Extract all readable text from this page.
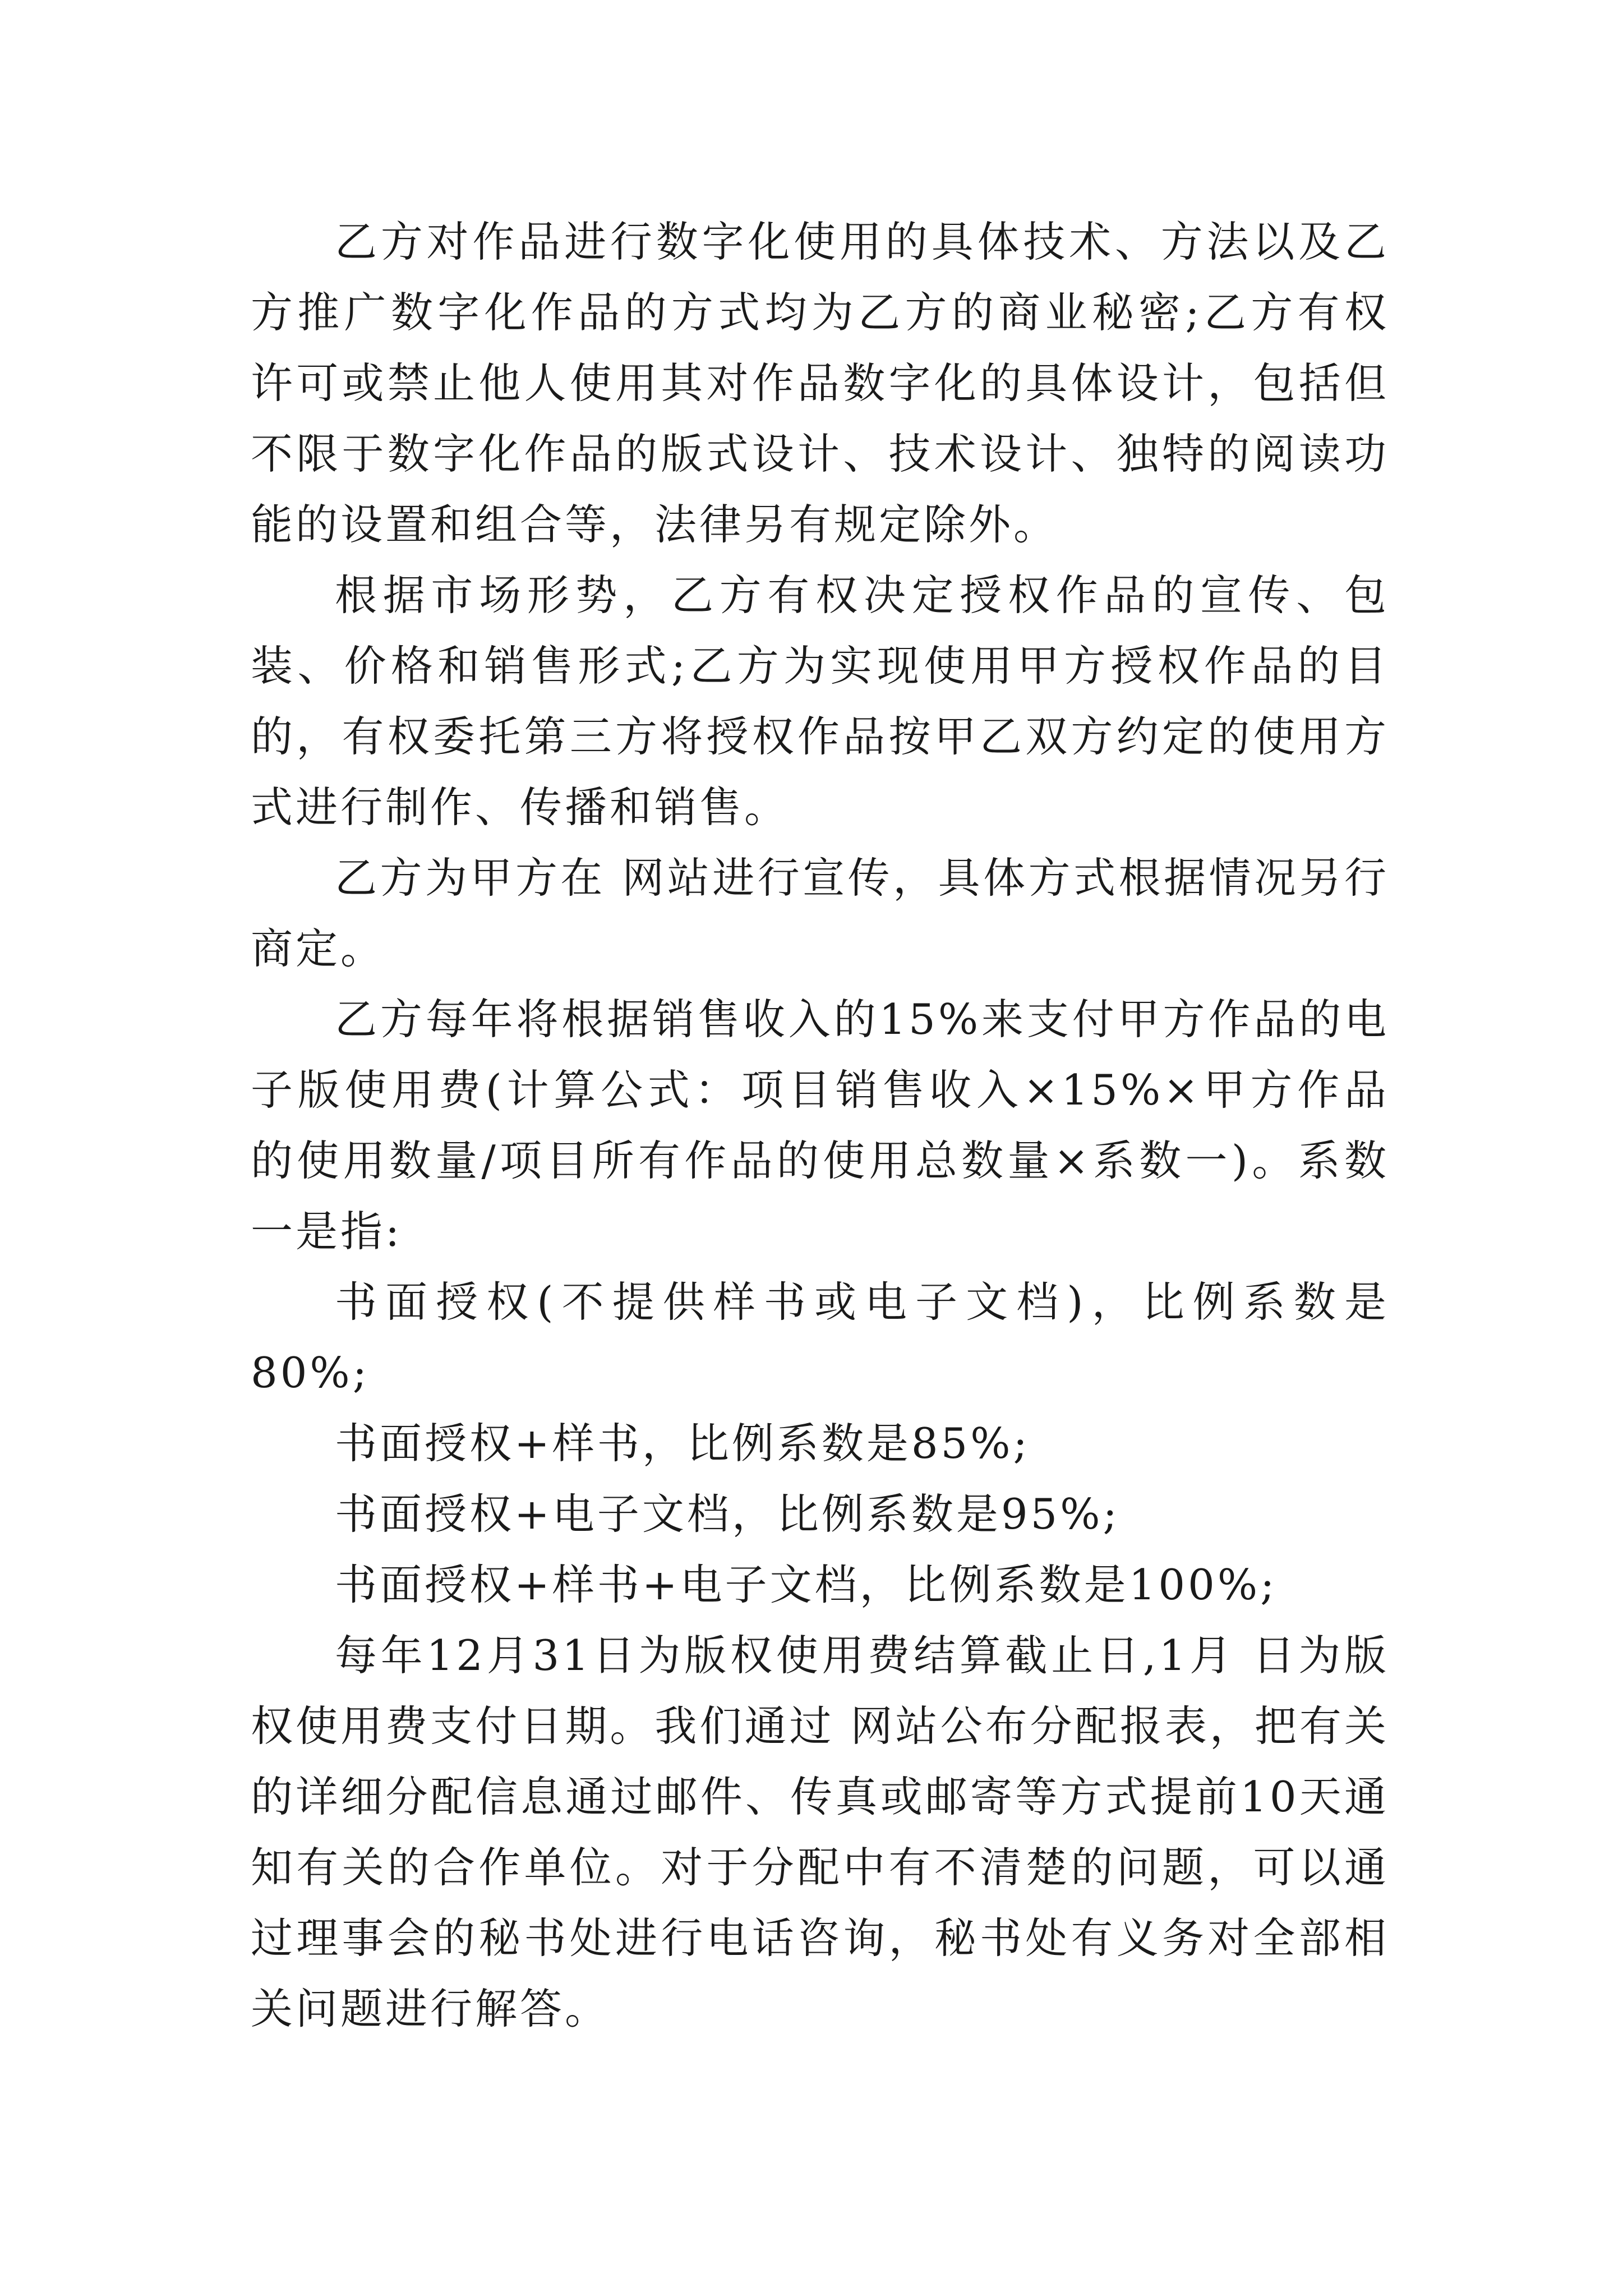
乙方对作品进行数字化使用的具体技术、方法以及乙方推广数字化作品的方式均为乙方的商业秘密;乙方有权许可或禁止他人使用其对作品数字化的具体设计，包括但不限于数字化作品的版式设计、技术设计、独特的阅读功能的设置和组合等，法律另有规定除外。

根据市场形势，乙方有权决定授权作品的宣传、包装、价格和销售形式;乙方为实现使用甲方授权作品的目的，有权委托第三方将授权作品按甲乙双方约定的使用方式进行制作、传播和销售。

乙方为甲方在 网站进行宣传，具体方式根据情况另行商定。

乙方每年将根据销售收入的15%来支付甲方作品的电子版使用费(计算公式：项目销售收入×15%×甲方作品的使用数量/项目所有作品的使用总数量×系数一)。系数一是指:

书面授权(不提供样书或电子文档)，比例系数是80%;

书面授权+样书，比例系数是85%;

书面授权+电子文档，比例系数是95%;

书面授权+样书+电子文档，比例系数是100%;

每年12月31日为版权使用费结算截止日,1月 日为版权使用费支付日期。我们通过 网站公布分配报表，把有关的详细分配信息通过邮件、传真或邮寄等方式提前10天通知有关的合作单位。对于分配中有不清楚的问题，可以通过理事会的秘书处进行电话咨询，秘书处有义务对全部相关问题进行解答。
